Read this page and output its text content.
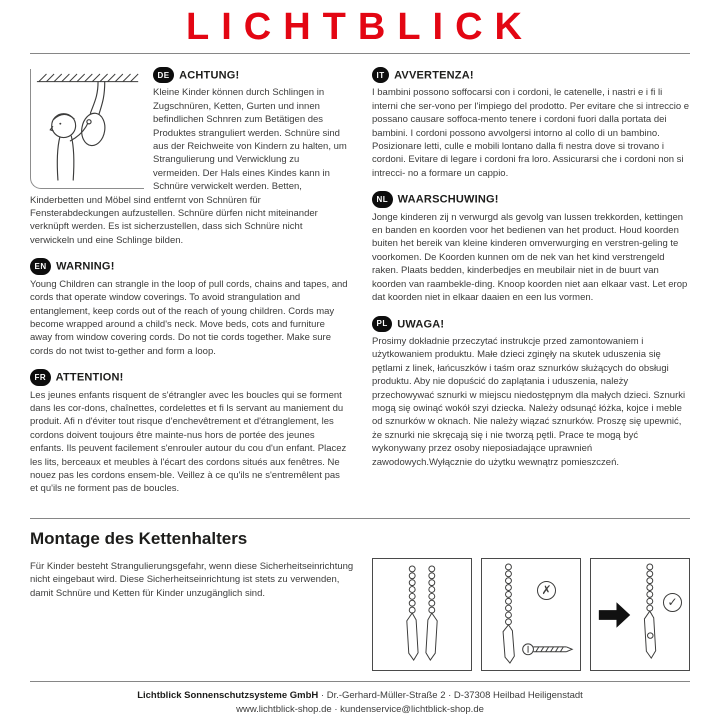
LICHTBLICK

DE ACHTUNG!

Kleine Kinder können durch Schlingen in Zugschnüren, Ketten, Gurten und innen befindlichen Schnren zum Betätigen des Produktes stranguliert werden. Schnüre sind aus der Reichweite von Kindern zu halten, um Strangulierung und Verwicklung zu vermeiden. Der Hals eines Kindes kann in Schnüre verwickelt werden. Betten, Kinderbetten und Möbel sind entfernt von Schnüren für Fensterabdeckungen aufzustellen. Schnüre dürfen nicht miteinander verknüpft werden. Es ist sicherzustellen, dass sich Schnüre nicht verwickeln und eine Schlinge bilden.

EN WARNING!

Young Children can strangle in the loop of pull cords, chains and tapes, and cords that operate window coverings. To avoid strangulation and entanglement, keep cords out of the reach of young children. Cords may become wrapped around a child's neck. Move beds, cots and furniture away from window covering cords. Do not tie cords together. Make sure cords do not twist to-gether and form a loop.

FR ATTENTION!

Les jeunes enfants risquent de s'étrangler avec les boucles qui se forment dans les cor-dons, chaînettes, cordelettes et fi ls servant au maniement du produit. Afi n d'éviter tout risque d'enchevêtrement et d'étranglement, les cordons doivent toujours être mainte-nus hors de portée des jeunes enfants. Ils peuvent facilement s'enrouler autour du cou d'un enfant. Placez les lits, berceaux et meubles à l'écart des cordons situés aux fenêtres. Ne nouez pas les cordons ensem-ble. Veillez à ce qu'ils ne s'entremêlent pas et qu'ils ne forment pas de boucles.

IT AVVERTENZA!

I bambini possono soffocarsi con i cordoni, le catenelle, i nastri e i fi li interni che ser-vono per l'impiego del prodotto. Per evitare che si intreccio e possano causare soffoca-mento tenere i cordoni fuori dalla portata dei bambini. I cordoni possono avvolgersi intorno al collo di un bambino. Posizionare letti, culle e mobili lontano dalla fi nestra dove si trovano i cordoni. Evitare di legare i cordoni fra loro. Assicurarsi che i cordoni non si intrecci- no a formare un cappio.

NL WAARSCHUWING!

Jonge kinderen zij n verwurgd als gevolg van lussen trekkorden, kettingen en banden en koorden voor het bedienen van het product. Houd koorden buiten het bereik van kleine kinderen omverwurging en verstren-geling te voorkomen. De Koorden kunnen om de nek van het kind verstrengeld raken. Plaats bedden, kinderbedjes en meubilair niet in de buurt van koorden van raambekle-ding. Knoop koorden niet aan elkaar vast. Let erop dat koorden niet in elkaar daaien en een lus vormen.

PL UWAGA!

Prosimy dokładnie przeczytać instrukcje przed zamontowaniem i użytkowaniem produktu. Małe dzieci zginęły na skutek uduszenia się pętlami z linek, łańcuszków i taśm oraz sznurków służących do obsługi produktu. Aby nie dopuścić do zaplątania i uduszenia, należy przechowywać sznurki w miejscu niedostępnym dla małych dzieci. Sznurki mogą się owinąć wokół szyi dziecka. Należy odsunąć łóżka, kojce i meble od sznurków w oknach. Nie należy wiązać sznurków. Proszę się upewnić, że sznurki nie skręcają się i nie tworzą pętli. Prace te mogą być wykonywany przez osoby nieposiadające uprawnień zawodowych.Wyłącznie do użytku wewnątrz pomieszczeń.

Montage des Kettenhalters

Für Kinder besteht Strangulierungsgefahr, wenn diese Sicherheitseinrichtung nicht eingebaut wird. Diese Sicherheitseinrichtung ist stets zu verwenden, damit Schnüre und Ketten für Kinder unzugänglich sind.	✗
✓

Lichtblick Sonnenschutzsysteme GmbH · Dr.-Gerhard-Müller-Straße 2 · D-37308 Heilbad Heiligenstadt

www.lichtblick-shop.de · kundenservice@lichtblick-shop.de
